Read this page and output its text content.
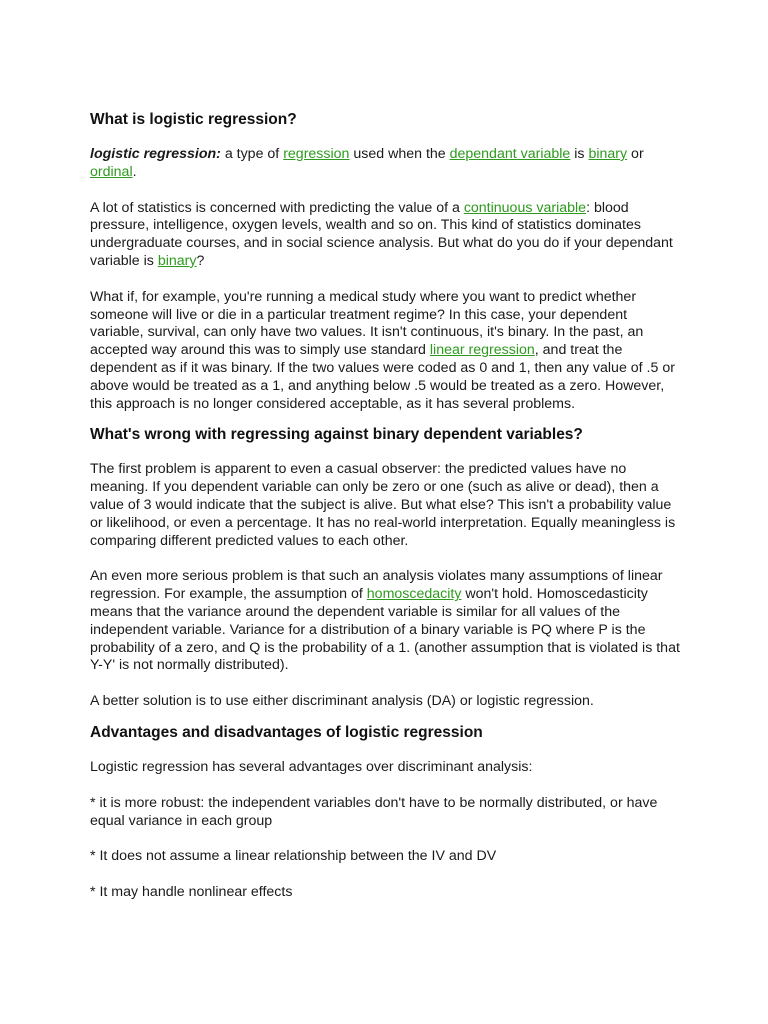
What is logistic regression?

logistic regression: a type of regression used when the dependant variable is binary or ordinal.

A lot of statistics is concerned with predicting the value of a continuous variable: blood pressure, intelligence, oxygen levels, wealth and so on. This kind of statistics dominates undergraduate courses, and in social science analysis. But what do you do if your dependant variable is binary?

What if, for example, you're running a medical study where you want to predict whether someone will live or die in a particular treatment regime? In this case, your dependent variable, survival, can only have two values. It isn't continuous, it's binary. In the past, an accepted way around this was to simply use standard linear regression, and treat the dependent as if it was binary. If the two values were coded as 0 and 1, then any value of .5 or above would be treated as a 1, and anything below .5 would be treated as a zero. However, this approach is no longer considered acceptable, as it has several problems.

What's wrong with regressing against binary dependent variables?

The first problem is apparent to even a casual observer: the predicted values have no meaning. If you dependent variable can only be zero or one (such as alive or dead), then a value of 3 would indicate that the subject is alive. But what else? This isn't a probability value or likelihood, or even a percentage. It has no real-world interpretation. Equally meaningless is comparing different predicted values to each other.

An even more serious problem is that such an analysis violates many assumptions of linear regression. For example, the assumption of homoscedacity won't hold. Homoscedasticity means that the variance around the dependent variable is similar for all values of the independent variable. Variance for a distribution of a binary variable is PQ where P is the probability of a zero, and Q is the probability of a 1. (another assumption that is violated is that Y-Y' is not normally distributed).

A better solution is to use either discriminant analysis (DA) or logistic regression.

Advantages and disadvantages of logistic regression

Logistic regression has several advantages over discriminant analysis:

* it is more robust: the independent variables don't have to be normally distributed, or have equal variance in each group

* It does not assume a linear relationship between the IV and DV

* It may handle nonlinear effects
